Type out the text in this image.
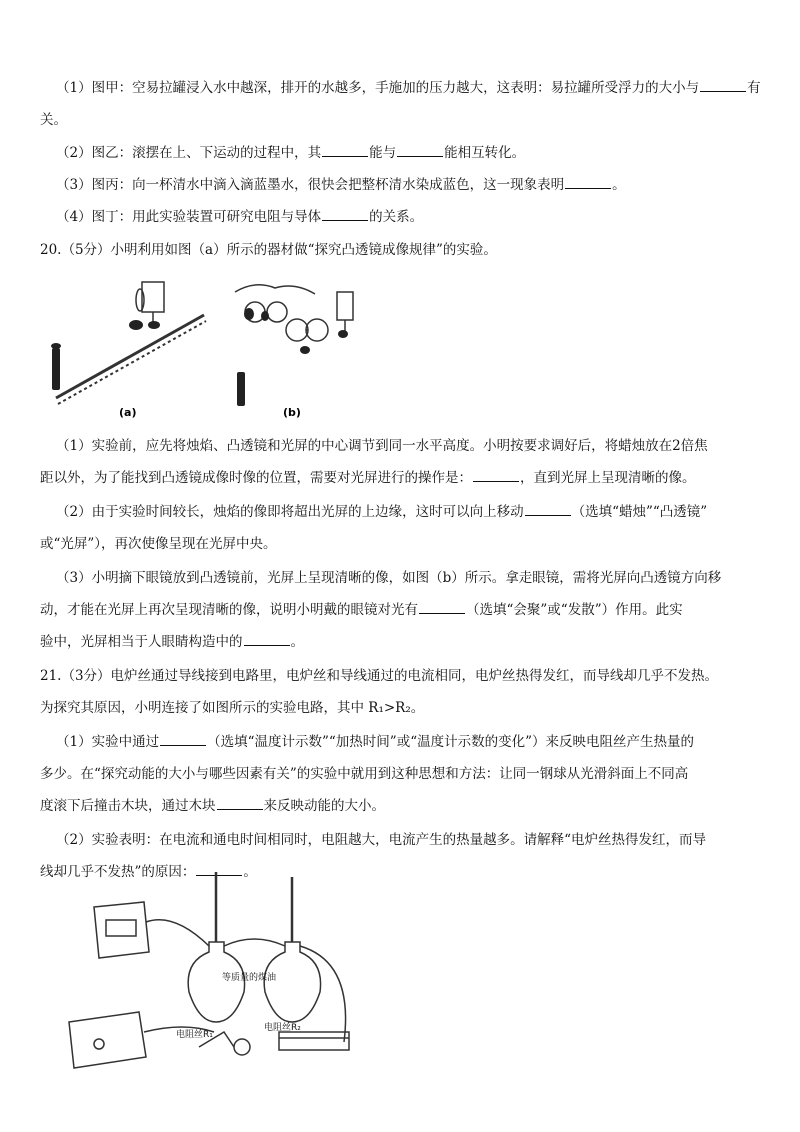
（1）图甲：空易拉罐浸入水中越深，排开的水越多，手施加的压力越大，这表明：易拉罐所受浮力的大小与	有
关。
（2）图乙：滚摆在上、下运动的过程中，其	能与	能相互转化。
（3）图丙：向一杯清水中滴入滴蓝墨水，很快会把整杯清水染成蓝色，这一现象表明	。
（4）图丁：用此实验装置可研究电阻与导体	的关系。
20.（5分）小明利用如图（a）所示的器材做“探究凸透镜成像规律”的实验。
(a)	(b)
（1）实验前，应先将烛焰、凸透镜和光屏的中心调节到同一水平高度。小明按要求调好后，将蜡烛放在2倍焦
距以外，为了能找到凸透镜成像时像的位置，需要对光屏进行的操作是：	，直到光屏上呈现清晰的像。
（2）由于实验时间较长，烛焰的像即将超出光屏的上边缘，这时可以向上移动	（选填“蜡烛”“凸透镜”
或“光屏”），再次使像呈现在光屏中央。
（3）小明摘下眼镜放到凸透镜前，光屏上呈现清晰的像，如图（b）所示。拿走眼镜，需将光屏向凸透镜方向移
动，才能在光屏上再次呈现清晰的像，说明小明戴的眼镜对光有	（选填“会聚”或“发散”）作用。此实
验中，光屏相当于人眼睛构造中的	。
21.（3分）电炉丝通过导线接到电路里，电炉丝和导线通过的电流相同，电炉丝热得发红，而导线却几乎不发热。
为探究其原因，小明连接了如图所示的实验电路，其中 R₁>R₂。
（1）实验中通过	（选填“温度计示数”“加热时间”或“温度计示数的变化”）来反映电阻丝产生热量的
多少。在“探究动能的大小与哪些因素有关”的实验中就用到这种思想和方法：让同一钢球从光滑斜面上不同高
度滚下后撞击木块，通过木块	来反映动能的大小。
（2）实验表明：在电流和通电时间相同时，电阻越大，电流产生的热量越多。请解释“电炉丝热得发红，而导
线却几乎不发热”的原因：	。
等质量的煤油
电阻丝R₁
电阻丝R₂
